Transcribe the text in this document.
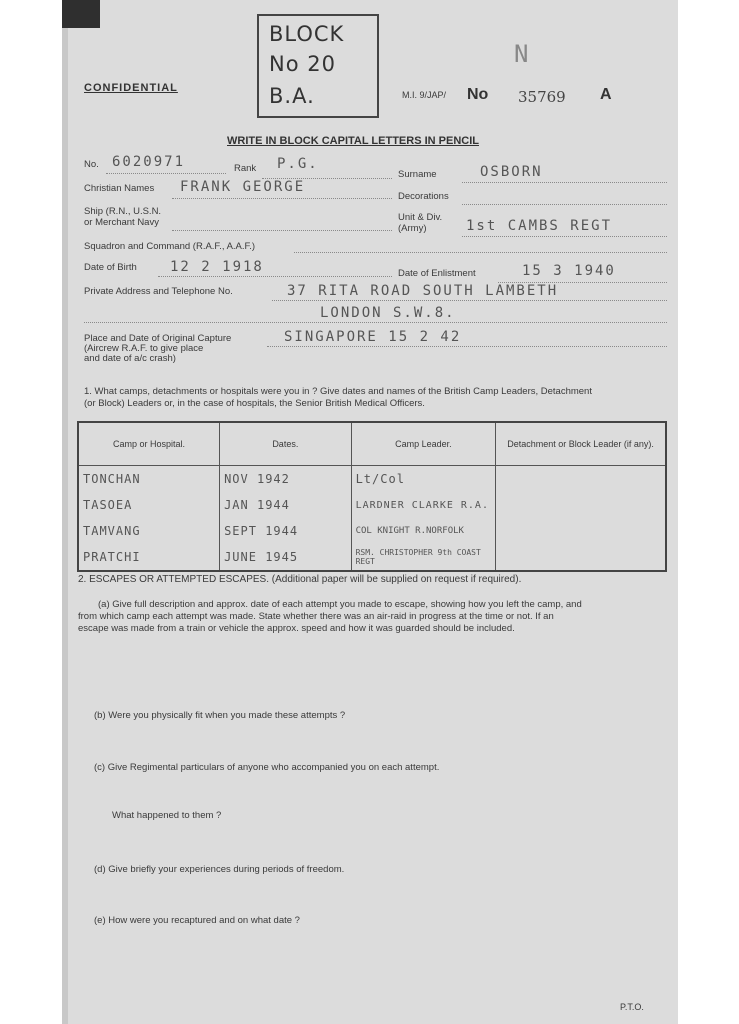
BLOCK
No 20
B.A.
CONFIDENTIAL
M.I. 9/JAP/ No 35769 A
N
WRITE IN BLOCK CAPITAL LETTERS IN PENCIL
No. 6020971	Rank P.G.
Surname	OSBORN
Christian Names FRANK GEORGE
Decorations
Ship (R.N., U.S.N.
or Merchant Navy	Unit & Div.
(Army)	1st CAMBS REGT
Squadron and Command (R.A.F., A.A.F.)
Date of Birth 12 2 1918	Date of Enlistment	15 3 1940
Private Address and Telephone No.	37 RITA ROAD SOUTH LAMBETH
LONDON S.W.8.
Place and Date of Original Capture
(Aircrew R.A.F. to give place
and date of a/c crash)
SINGAPORE 15 2 42
1. What camps, detachments or hospitals were you in ? Give dates and names of the British Camp Leaders, Detachment
(or Block) Leaders or, in the case of hospitals, the Senior British Medical Officers.
Camp or Hospital.	Dates.	Camp Leader.	Detachment or Block Leader (if any).
TONCHAN	NOV 1942	Lt/Col	
TASOEA	JAN 1944	LARDNER CLARKE R.A.	
TAMVANG	SEPT 1944	COL KNIGHT R.NORFOLK	
PRATCHI	JUNE 1945	RSM. CHRISTOPHER 9th COAST REGT	
2. ESCAPES OR ATTEMPTED ESCAPES. (Additional paper will be supplied on request if required).
(a) Give full description and approx. date of each attempt you made to escape, showing how you left the camp, and
from which camp each attempt was made. State whether there was an air-raid in progress at the time or not. If an
escape was made from a train or vehicle the approx. speed and how it was guarded should be included.
(b) Were you physically fit when you made these attempts ?
(c) Give Regimental particulars of anyone who accompanied you on each attempt.
What happened to them ?
(d) Give briefly your experiences during periods of freedom.
(e) How were you recaptured and on what date ?
P.T.O.
